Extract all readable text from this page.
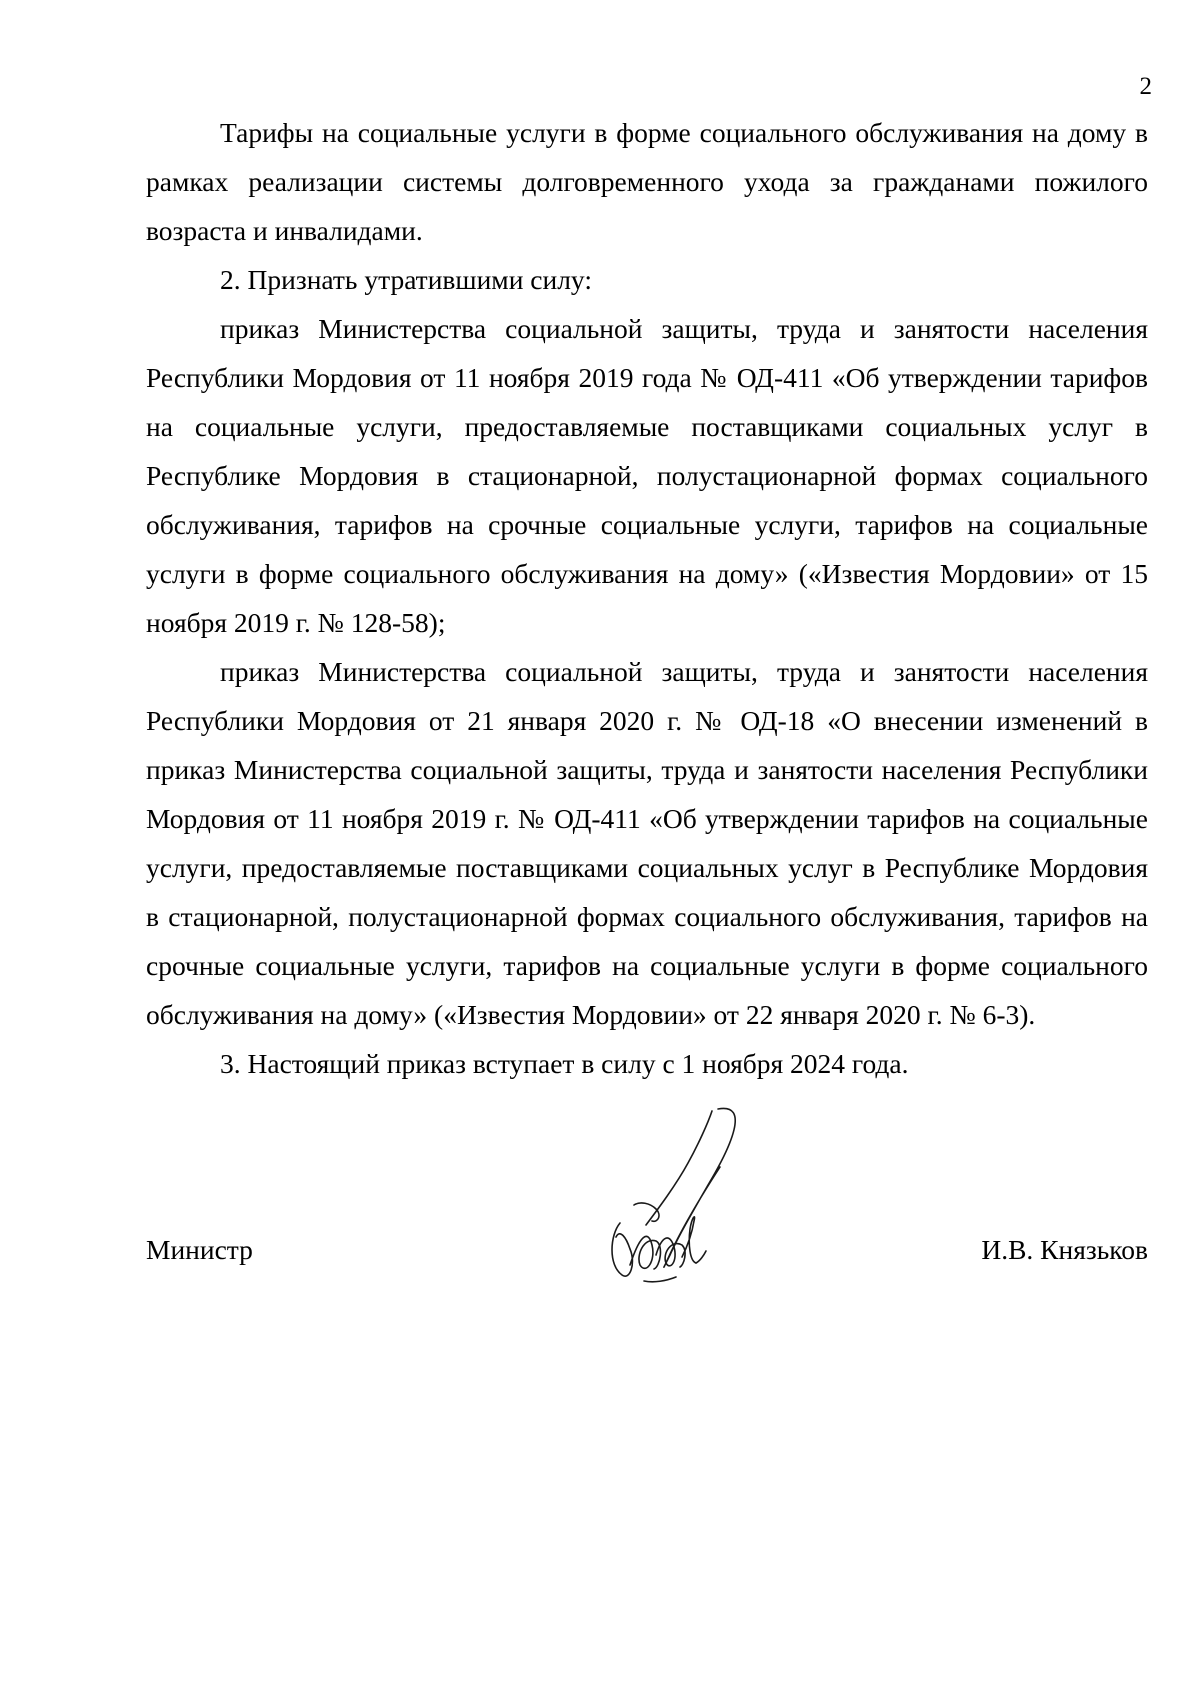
2

Тарифы на социальные услуги в форме социального обслуживания на дому в рамках реализации системы долговременного ухода за гражданами пожилого возраста и инвалидами.

2. Признать утратившими силу:

приказ Министерства социальной защиты, труда и занятости населения Республики Мордовия от 11 ноября 2019 года № ОД-411 «Об утверждении тарифов на социальные услуги, предоставляемые поставщиками социальных услуг в Республике Мордовия в стационарной, полустационарной формах социального обслуживания, тарифов на срочные социальные услуги, тарифов на социальные услуги в форме социального обслуживания на дому» («Известия Мордовии» от 15 ноября 2019 г. № 128-58);

приказ Министерства социальной защиты, труда и занятости населения Республики Мордовия от 21 января 2020 г. № ОД-18 «О внесении изменений в приказ Министерства социальной защиты, труда и занятости населения Республики Мордовия от 11 ноября 2019 г. № ОД-411 «Об утверждении тарифов на социальные услуги, предоставляемые поставщиками социальных услуг в Республике Мордовия в стационарной, полустационарной формах социального обслуживания, тарифов на срочные социальные услуги, тарифов на социальные услуги в форме социального обслуживания на дому» («Известия Мордовии» от 22 января 2020 г. № 6-3).

3. Настоящий приказ вступает в силу с 1 ноября 2024 года.

Министр	И.В. Князьков
